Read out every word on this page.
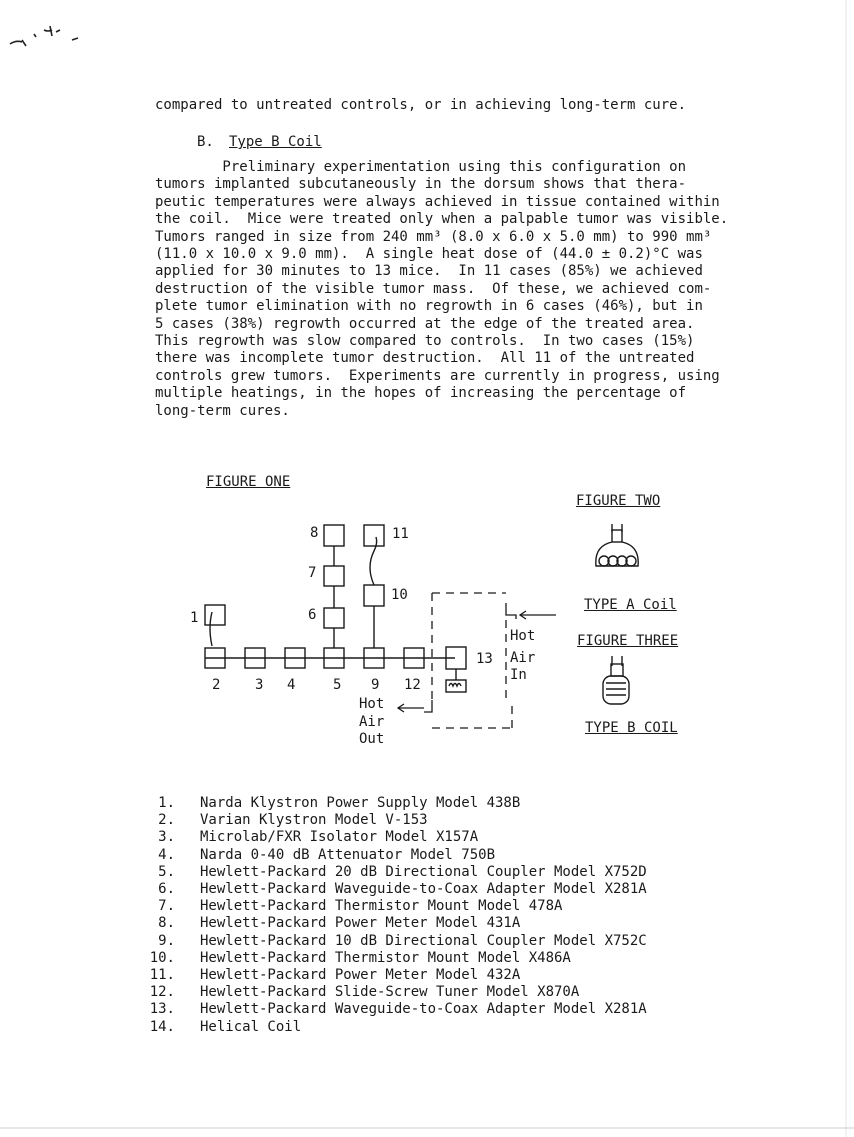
compared to untreated controls, or in achieving long-term cure.
B. Type B Coil
Preliminary experimentation using this configuration on
tumors implanted subcutaneously in the dorsum shows that thera-
peutic temperatures were always achieved in tissue contained within
the coil.  Mice were treated only when a palpable tumor was visible.
Tumors ranged in size from 240 mm³ (8.0 x 6.0 x 5.0 mm) to 990 mm³
(11.0 x 10.0 x 9.0 mm).  A single heat dose of (44.0 ± 0.2)°C was
applied for 30 minutes to 13 mice.  In 11 cases (85%) we achieved
destruction of the visible tumor mass.  Of these, we achieved com-
plete tumor elimination with no regrowth in 6 cases (46%), but in
5 cases (38%) regrowth occurred at the edge of the treated area.
This regrowth was slow compared to controls.  In two cases (15%)
there was incomplete tumor destruction.  All 11 of the untreated
controls grew tumors.  Experiments are currently in progress, using
multiple heatings, in the hopes of increasing the percentage of
long-term cures.
FIGURE ONE
FIGURE TWO
TYPE A Coil
FIGURE THREE
TYPE B COIL
1
2 3 4	5
6
7
8
9
10
11
12
13
Hot
Air
In
Hot
Air
Out
1. Narda Klystron Power Supply Model 438B
2. Varian Klystron Model V-153
3. Microlab/FXR Isolator Model X157A
4. Narda 0-40 dB Attenuator Model 750B
5. Hewlett-Packard 20 dB Directional Coupler Model X752D
6. Hewlett-Packard Waveguide-to-Coax Adapter Model X281A
7. Hewlett-Packard Thermistor Mount Model 478A
8. Hewlett-Packard Power Meter Model 431A
9. Hewlett-Packard 10 dB Directional Coupler Model X752C
10. Hewlett-Packard Thermistor Mount Model X486A
11. Hewlett-Packard Power Meter Model 432A
12. Hewlett-Packard Slide-Screw Tuner Model X870A
13. Hewlett-Packard Waveguide-to-Coax Adapter Model X281A
14. Helical Coil
